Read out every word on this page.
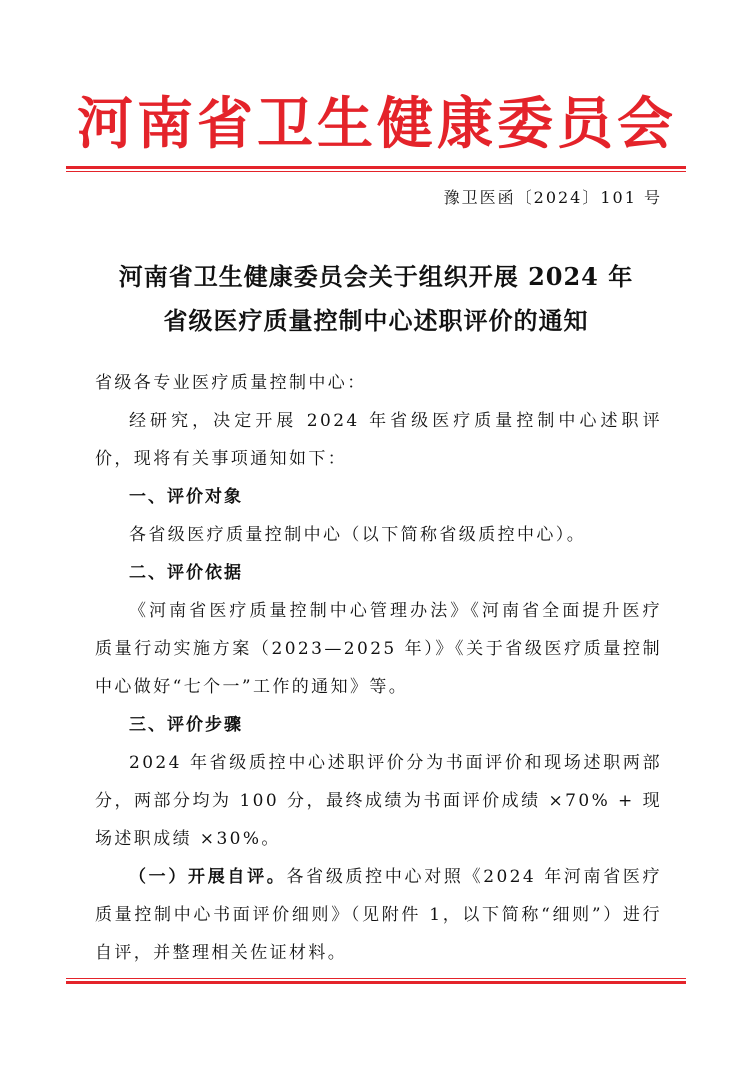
河南省卫生健康委员会
豫卫医函〔2024〕101 号
河南省卫生健康委员会关于组织开展 2024 年
省级医疗质量控制中心述职评价的通知

省级各专业医疗质量控制中心：

经研究，决定开展 2024 年省级医疗质量控制中心述职评价，现将有关事项通知如下：

一、评价对象

各省级医疗质量控制中心（以下简称省级质控中心）。

二、评价依据

《河南省医疗质量控制中心管理办法》《河南省全面提升医疗质量行动实施方案（2023—2025 年）》《关于省级医疗质量控制中心做好“七个一”工作的通知》等。

三、评价步骤

2024 年省级质控中心述职评价分为书面评价和现场述职两部分，两部分均为 100 分，最终成绩为书面评价成绩 ×70% + 现场述职成绩 ×30%。

（一）开展自评。各省级质控中心对照《2024 年河南省医疗质量控制中心书面评价细则》（见附件 1，以下简称“细则”）进行自评，并整理相关佐证材料。
